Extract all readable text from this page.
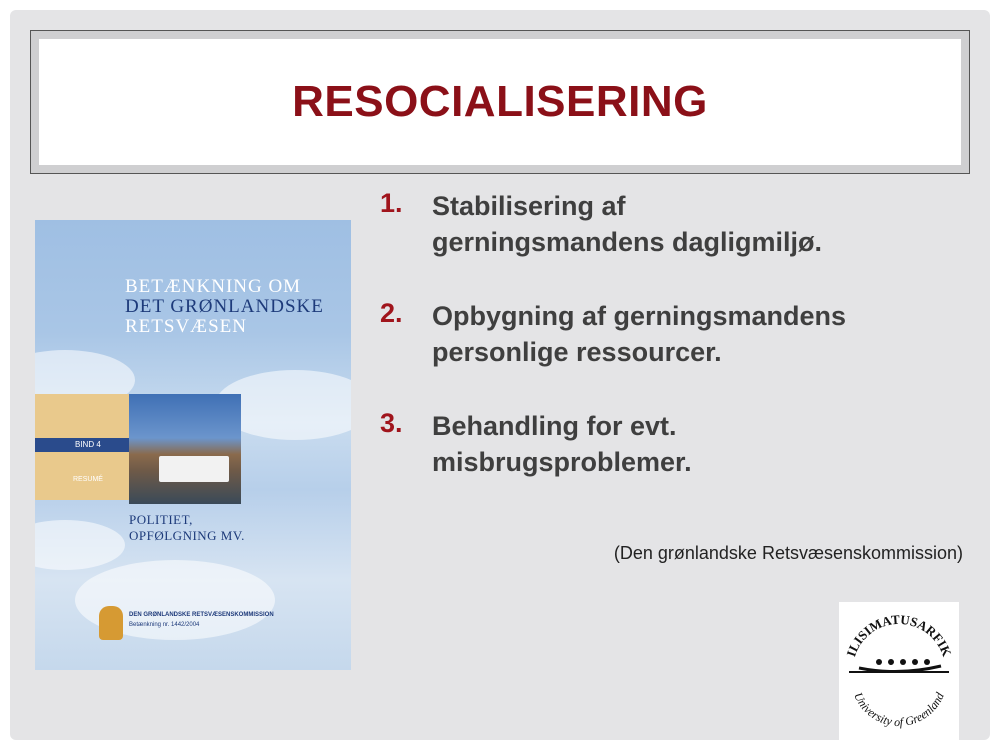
RESOCIALISERING
BETÆNKNING OM
DET GRØNLANDSKE
RETSVÆSEN
BIND 4
RESUMÉ
POLITIET,
OPFØLGNING MV.
DEN GRØNLANDSKE RETSVÆSENSKOMMISSION
Betænkning nr. 1442/2004
1. Stabilisering af
gerningsmandens dagligmiljø.
2. Opbygning af gerningsmandens
personlige ressourcer.
3. Behandling for evt.
misbrugsproblemer.
(Den grønlandske Retsvæsenskommission)
ILISIMATUSARFIK
University of Greenland
